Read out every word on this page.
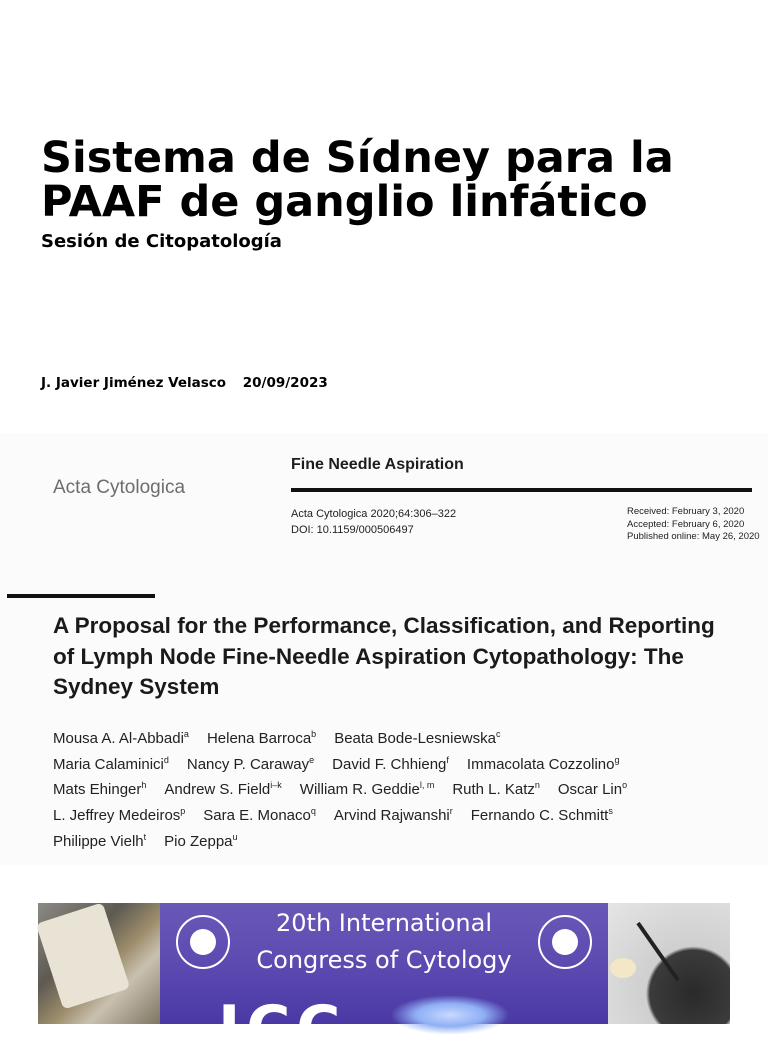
Sistema de Sídney para la PAAF de ganglio linfático
Sesión de Citopatología
J. Javier Jiménez Velasco 20/09/2023
Acta Cytologica
Fine Needle Aspiration
Acta Cytologica 2020;64:306–322
DOI: 10.1159/000506497
Received: February 3, 2020
Accepted: February 6, 2020
Published online: May 26, 2020
A Proposal for the Performance, Classification, and Reporting of Lymph Node Fine-Needle Aspiration Cytopathology: The Sydney System
Mousa A. Al-Abbadi$^a$ Helena Barroca$^b$ Beata Bode-Lesniewska$^c$
Maria Calaminici$^d$ Nancy P. Caraway$^e$ David F. Chhieng$^f$ Immacolata Cozzolino$^g$
Mats Ehinger$^h$ Andrew S. Field$^{i-k}$ William R. Geddie$^{l, m}$ Ruth L. Katz$^n$ Oscar Lin$^o$
L. Jeffrey Medeiros$^p$ Sara E. Monaco$^q$ Arvind Rajwanshi$^r$ Fernando C. Schmitt$^s$
Philippe Vielh$^t$ Pio Zeppa$^u$
20th International
Congress of Cytology
ICC
